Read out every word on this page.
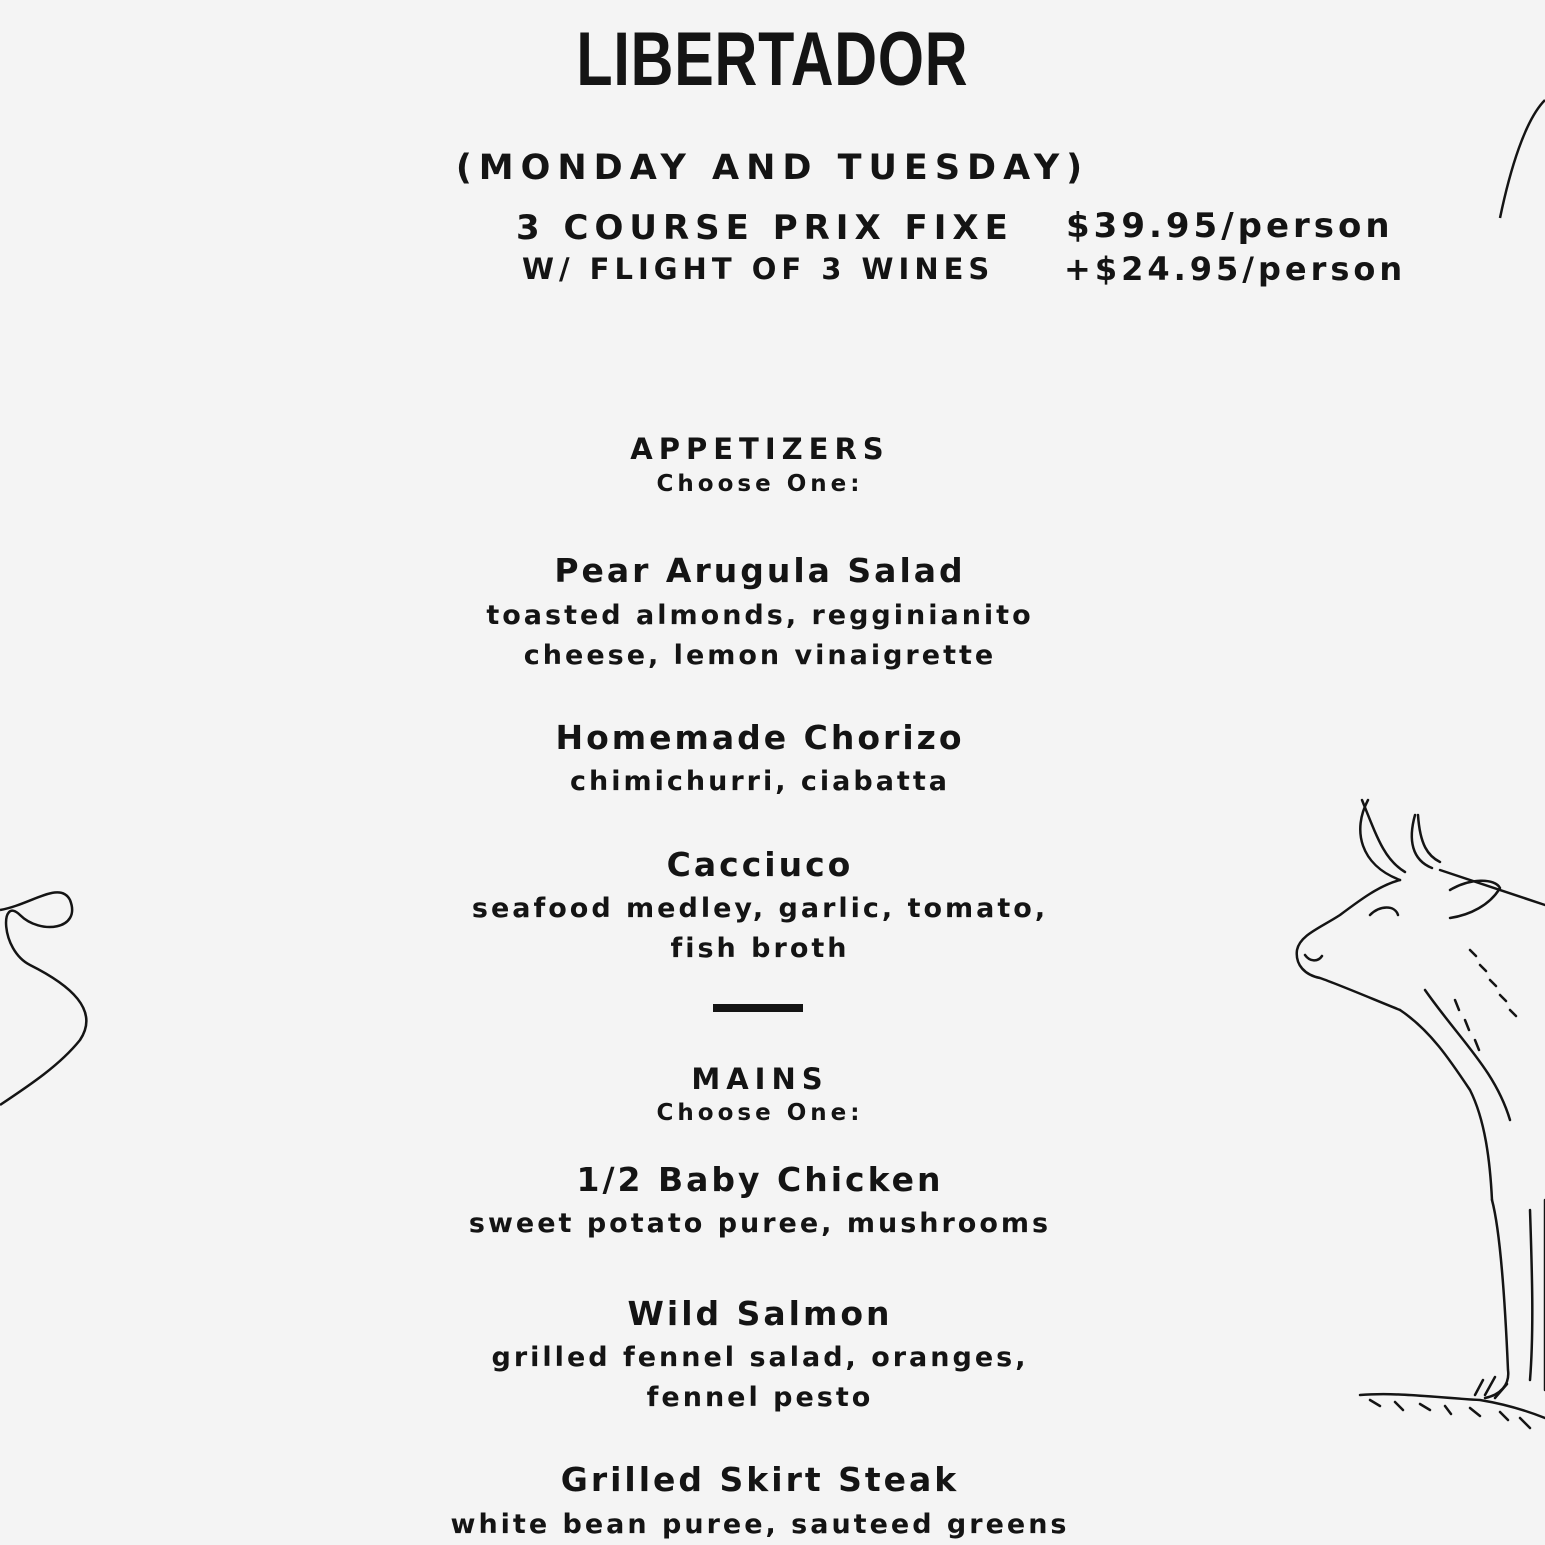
LIBERTADOR
(MONDAY AND TUESDAY)
3 COURSE PRIX FIXE $39.95/person
W/ FLIGHT OF 3 WINES +$24.95/person
APPETIZERS
Choose One:
Pear Arugula Salad
toasted almonds, regginianito
cheese, lemon vinaigrette
Homemade Chorizo
chimichurri, ciabatta
Cacciuco
seafood medley, garlic, tomato,
fish broth
MAINS
Choose One:
1/2 Baby Chicken
sweet potato puree, mushrooms
Wild Salmon
grilled fennel salad, oranges,
fennel pesto
Grilled Skirt Steak
white bean puree, sauteed greens
